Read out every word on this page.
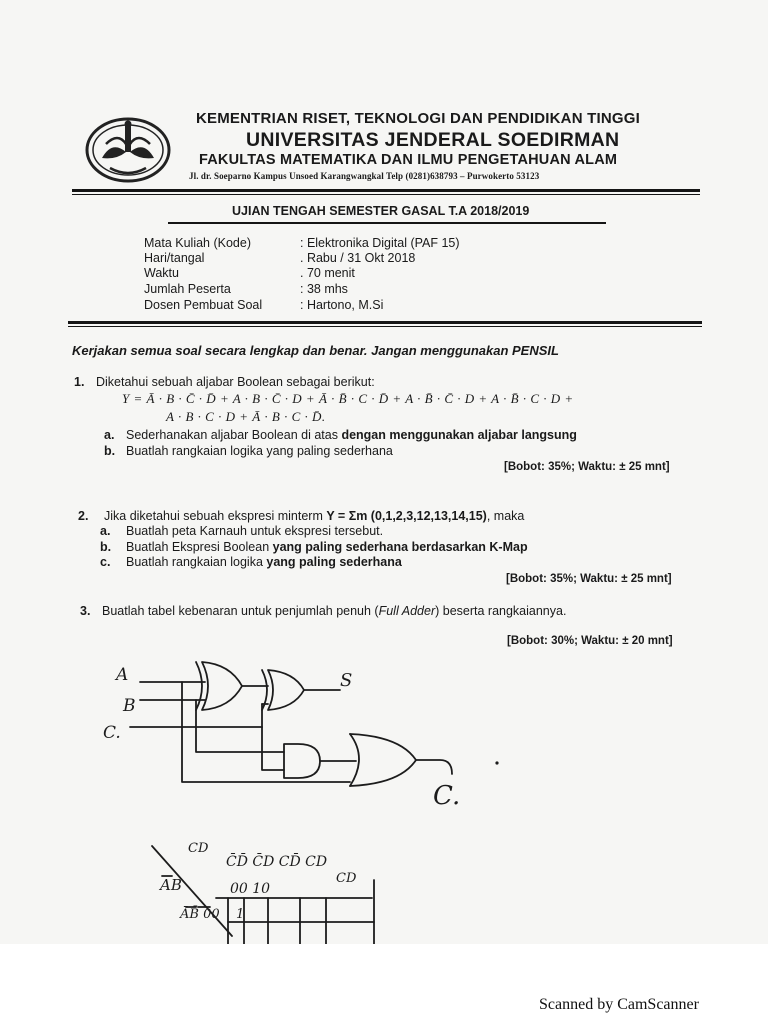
KEMENTRIAN RISET, TEKNOLOGI DAN PENDIDIKAN TINGGI
UNIVERSITAS JENDERAL SOEDIRMAN
FAKULTAS MATEMATIKA DAN ILMU PENGETAHUAN ALAM
Jl. dr. Soeparno Kampus Unsoed Karangwangkal Telp (0281)638793 – Purwokerto 53123
UJIAN TENGAH SEMESTER GASAL T.A 2018/2019
Mata Kuliah (Kode)	: Elektronika Digital (PAF 15)
Hari/tangal	. Rabu / 31 Okt 2018
Waktu	. 70 menit
Jumlah Peserta	: 38 mhs
Dosen Pembuat Soal	: Hartono, M.Si
Kerjakan semua soal secara lengkap dan benar. Jangan menggunakan PENSIL
1. Diketahui sebuah aljabar Boolean sebagai berikut:
Y = Ā · B · C̄ · D̄ + A · B · C̄ · D + Ā · B̄ · C · D̄ + A · B̄ · C̄ · D + A · B̄ · C · D +
A · B · C · D + Ā · B · C · D̄.
a. Sederhanakan aljabar Boolean di atas dengan menggunakan aljabar langsung
b. Buatlah rangkaian logika yang paling sederhana
[Bobot: 35%; Waktu: ± 25 mnt]
2. Jika diketahui sebuah ekspresi minterm Y = Σm (0,1,2,3,12,13,14,15), maka
a. Buatlah peta Karnauh untuk ekspresi tersebut.
b. Buatlah Ekspresi Boolean yang paling sederhana berdasarkan K-Map
c. Buatlah rangkaian logika yang paling sederhana
[Bobot: 35%; Waktu: ± 25 mnt]
3. Buatlah tabel kebenaran untuk penjumlah penuh (Full Adder) beserta rangkaiannya.
[Bobot: 30%; Waktu: ± 20 mnt]
A
B
C.
S
C.
CD
AB
C̄D̄ C̄D CD̄ CD
00 10
CD
ĀB̄ 00 1
Scanned by CamScanner
